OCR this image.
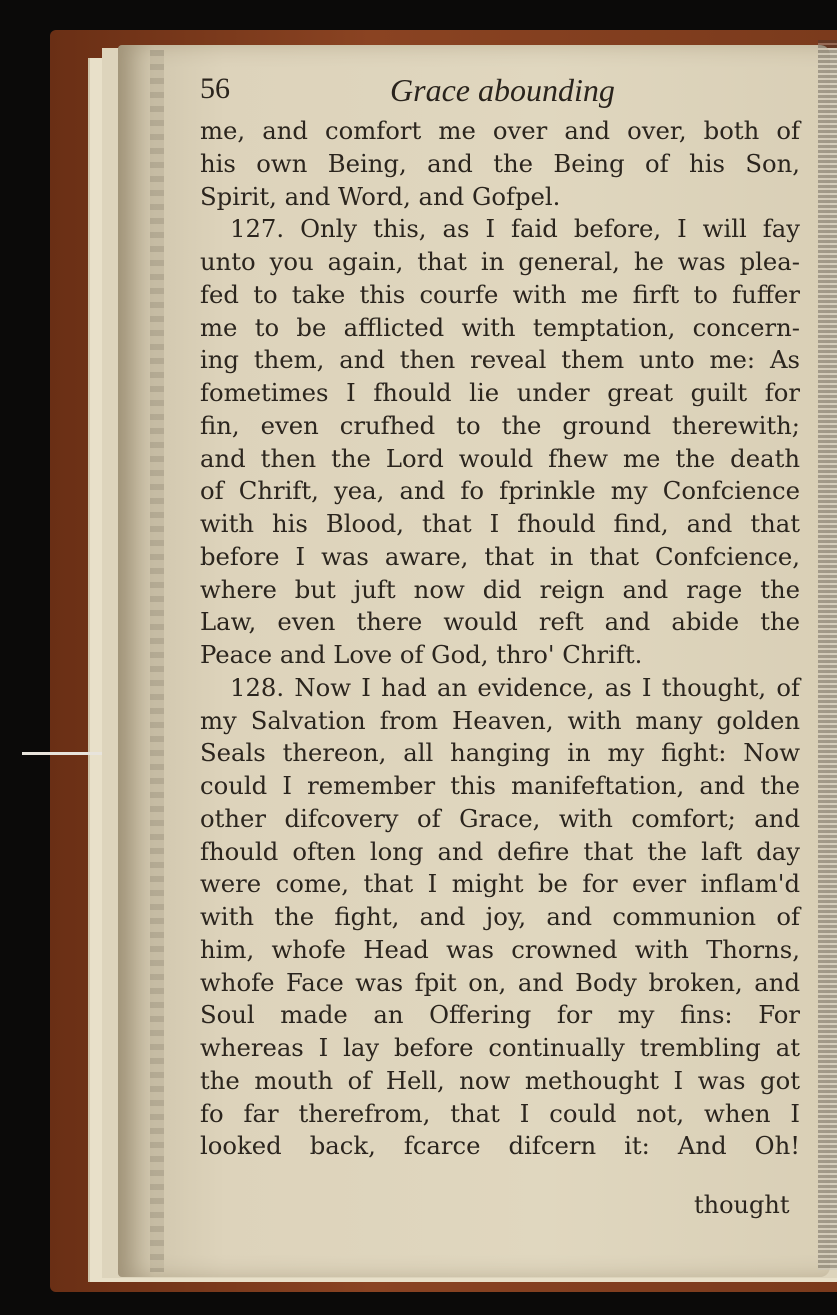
56	Grace abounding
me, and comfort me over and over, both of
his own Being, and the Being of his Son,
Spirit, and Word, and Gofpel.
127. Only this, as I faid before, I will fay
unto you again, that in general, he was plea-
fed to take this courfe with me firft to fuffer
me to be afflicted with temptation, concern-
ing them, and then reveal them unto me: As
fometimes I fhould lie under great guilt for
fin, even crufhed to the ground therewith;
and then the Lord would fhew me the death
of Chrift, yea, and fo fprinkle my Confcience
with his Blood, that I fhould find, and that
before I was aware, that in that Confcience,
where but juft now did reign and rage the
Law, even there would reft and abide the
Peace and Love of God, thro' Chrift.
128. Now I had an evidence, as I thought, of
my Salvation from Heaven, with many golden
Seals thereon, all hanging in my fight: Now
could I remember this manifeftation, and the
other difcovery of Grace, with comfort; and
fhould often long and defire that the laft day
were come, that I might be for ever inflam'd
with the fight, and joy, and communion of
him, whofe Head was crowned with Thorns,
whofe Face was fpit on, and Body broken, and
Soul made an Offering for my fins: For
whereas I lay before continually trembling at
the mouth of Hell, now methought I was got
fo far therefrom, that I could not, when I
looked back, fcarce difcern it: And Oh!
thought
